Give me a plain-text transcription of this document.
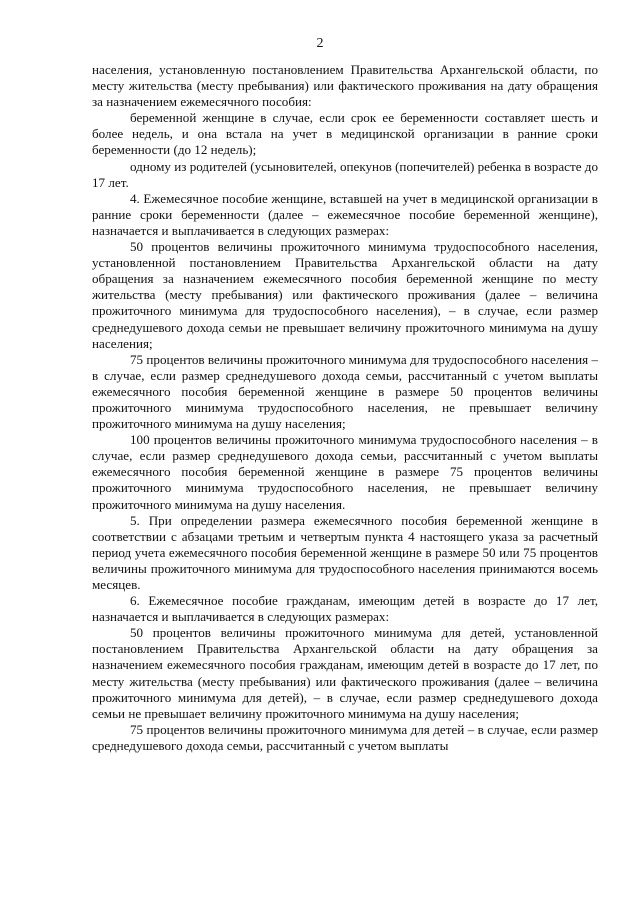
2

населения, установленную постановлением Правительства Архангельской области, по месту жительства (месту пребывания) или фактического проживания на дату обращения за назначением ежемесячного пособия:

беременной женщине в случае, если срок ее беременности составляет шесть и более недель, и она встала на учет в медицинской организации в ранние сроки беременности (до 12 недель);

одному из родителей (усыновителей, опекунов (попечителей) ребенка в возрасте до 17 лет.

4. Ежемесячное пособие женщине, вставшей на учет в медицинской организации в ранние сроки беременности (далее – ежемесячное пособие беременной женщине), назначается и выплачивается в следующих размерах:

50 процентов величины прожиточного минимума трудоспособного населения, установленной постановлением Правительства Архангельской области на дату обращения за назначением ежемесячного пособия беременной женщине по месту жительства (месту пребывания) или фактического проживания (далее – величина прожиточного минимума для трудоспособного населения), – в случае, если размер среднедушевого дохода семьи не превышает величину прожиточного минимума на душу населения;

75 процентов величины прожиточного минимума для трудоспособного населения – в случае, если размер среднедушевого дохода семьи, рассчитанный с учетом выплаты ежемесячного пособия беременной женщине в размере 50 процентов величины прожиточного минимума трудоспособного населения, не превышает величину прожиточного минимума на душу населения;

100 процентов величины прожиточного минимума трудоспособного населения – в случае, если размер среднедушевого дохода семьи, рассчитанный с учетом выплаты ежемесячного пособия беременной женщине в размере 75 процентов величины прожиточного минимума трудоспособного населения, не превышает величину прожиточного минимума на душу населения.

5. При определении размера ежемесячного пособия беременной женщине в соответствии с абзацами третьим и четвертым пункта 4 настоящего указа за расчетный период учета ежемесячного пособия беременной женщине в размере 50 или 75 процентов величины прожиточного минимума для трудоспособного населения принимаются восемь месяцев.

6. Ежемесячное пособие гражданам, имеющим детей в возрасте до 17 лет, назначается и выплачивается в следующих размерах:

50 процентов величины прожиточного минимума для детей, установленной постановлением Правительства Архангельской области на дату обращения за назначением ежемесячного пособия гражданам, имеющим детей в возрасте до 17 лет, по месту жительства (месту пребывания) или фактического проживания (далее – величина прожиточного минимума для детей), – в случае, если размер среднедушевого дохода семьи не превышает величину прожиточного минимума на душу населения;

75 процентов величины прожиточного минимума для детей – в случае, если размер среднедушевого дохода семьи, рассчитанный с учетом выплаты
